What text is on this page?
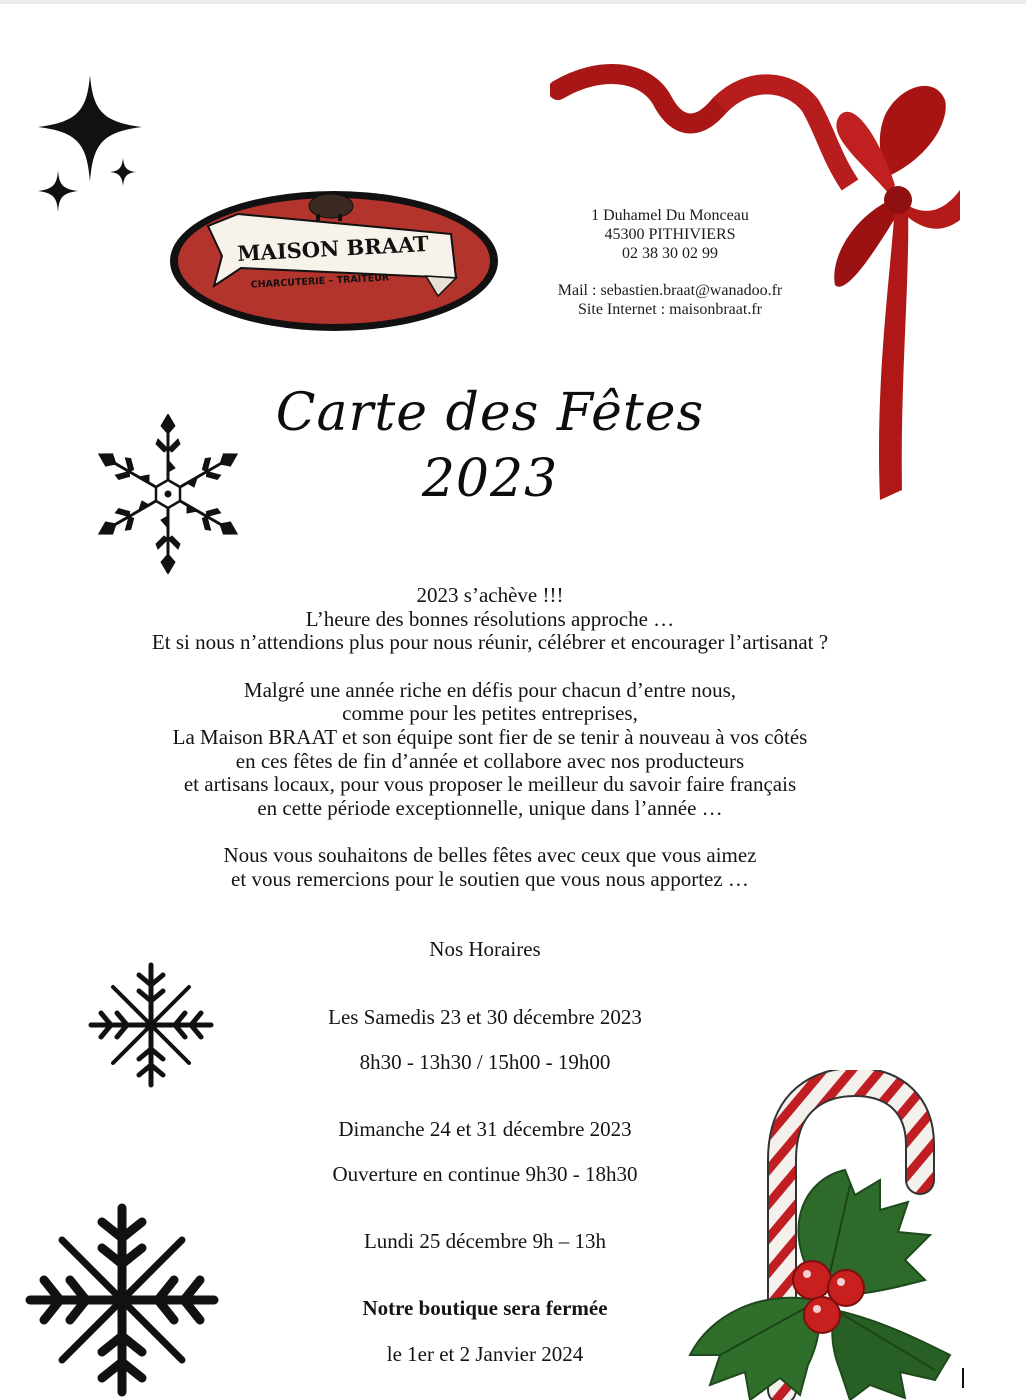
MAISON BRAAT
CHARCUTERIE – TRAITEUR
1 Duhamel Du Monceau
45300 PITHIVIERS
02 38 30 02 99
Mail : sebastien.braat@wanadoo.fr
Site Internet : maisonbraat.fr
Carte des Fêtes
2023
2023 s’achève !!!
L’heure des bonnes résolutions approche …
Et si nous n’attendions plus pour nous réunir, célébrer et encourager l’artisanat ?
Malgré une année riche en défis pour chacun d’entre nous,
comme pour les petites entreprises,
La Maison BRAAT et son équipe sont fier de se tenir à nouveau à vos côtés
en ces fêtes de fin d’année et collabore avec nos producteurs
et artisans locaux, pour vous proposer le meilleur du savoir faire français
en cette période exceptionnelle, unique dans l’année …
Nous vous souhaitons de belles fêtes avec ceux que vous aimez
et vous remercions pour le soutien que vous nous apportez …
Nos Horaires
Les Samedis 23 et 30 décembre 2023
8h30 - 13h30 / 15h00 - 19h00
Dimanche 24 et 31 décembre 2023
Ouverture en continue 9h30 - 18h30
Lundi 25 décembre 9h – 13h
Notre boutique sera fermée
le 1er et 2 Janvier 2024
